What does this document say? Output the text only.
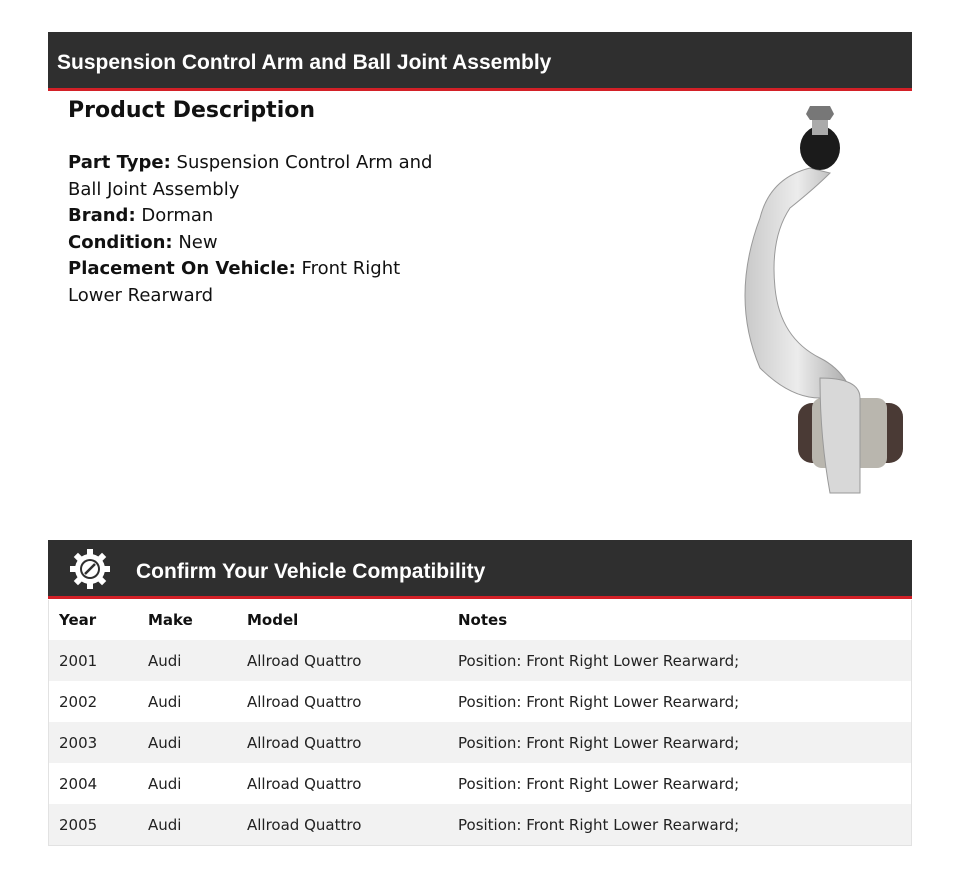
Suspension Control Arm and Ball Joint Assembly
Product Description
Part Type: Suspension Control Arm and Ball Joint Assembly
Brand: Dorman
Condition: New
Placement On Vehicle: Front Right Lower Rearward
Confirm Your Vehicle Compatibility
Year	Make	Model	Notes
2001	Audi	Allroad Quattro	Position: Front Right Lower Rearward;
2002	Audi	Allroad Quattro	Position: Front Right Lower Rearward;
2003	Audi	Allroad Quattro	Position: Front Right Lower Rearward;
2004	Audi	Allroad Quattro	Position: Front Right Lower Rearward;
2005	Audi	Allroad Quattro	Position: Front Right Lower Rearward;
